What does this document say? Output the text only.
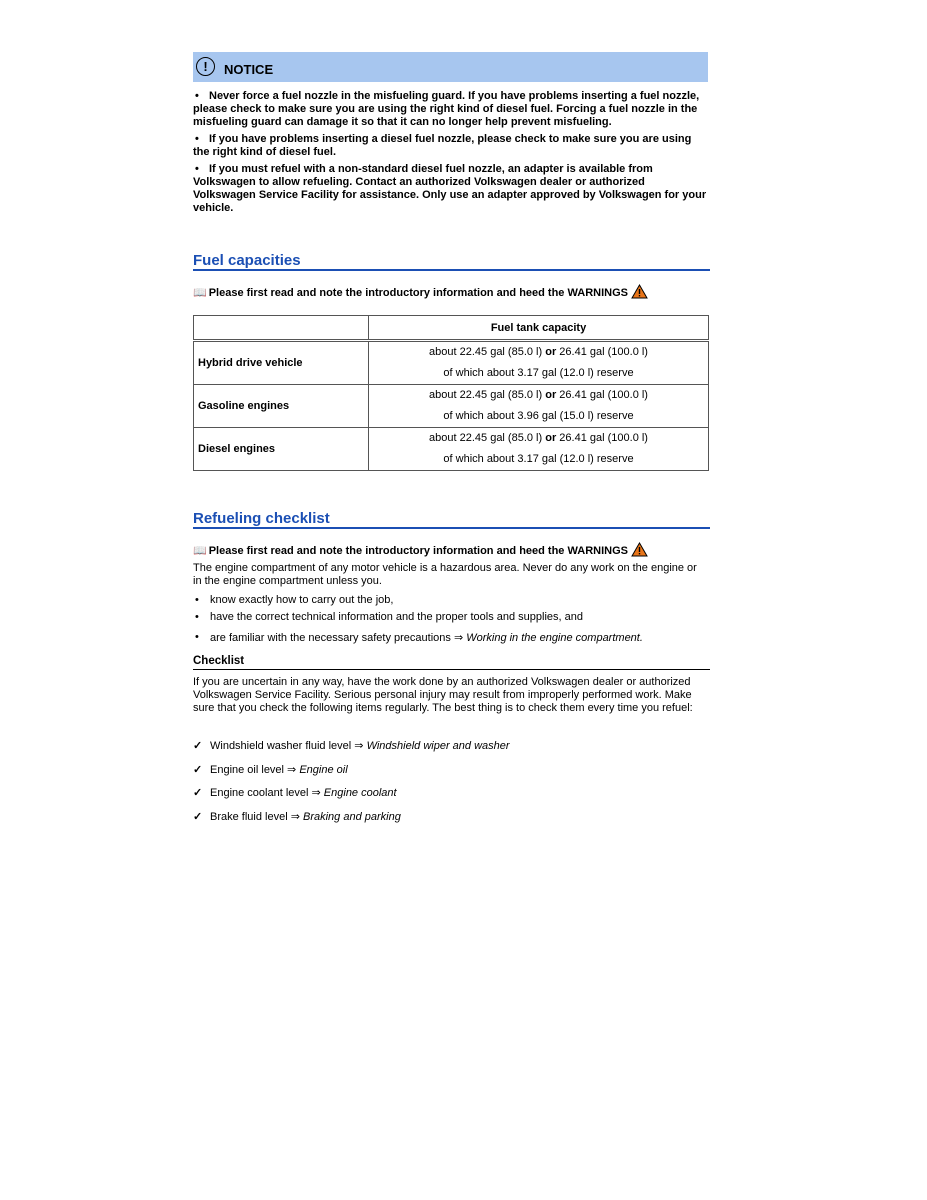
!	NOTICE
• Never force a fuel nozzle in the misfueling guard. If you have problems inserting a fuel nozzle, please check to make sure you are using the right kind of diesel fuel. Forcing a fuel nozzle in the misfueling guard can damage it so that it can no longer help prevent misfueling.
• If you have problems inserting a diesel fuel nozzle, please check to make sure you are using the right kind of diesel fuel.
• If you must refuel with a non-standard diesel fuel nozzle, an adapter is available from Volkswagen to allow refueling. Contact an authorized Volkswagen dealer or authorized Volkswagen Service Facility for assistance. Only use an adapter approved by Volkswagen for your vehicle.
Fuel capacities
📖 Please first read and note the introductory information and heed the WARNINGS
	Fuel tank capacity
Hybrid drive vehicle	about 22.45 gal (85.0 l) or 26.41 gal (100.0 l)
of which about 3.17 gal (12.0 l) reserve

Gasoline engines	about 22.45 gal (85.0 l) or 26.41 gal (100.0 l)
of which about 3.96 gal (15.0 l) reserve

Diesel engines	about 22.45 gal (85.0 l) or 26.41 gal (100.0 l)
of which about 3.17 gal (12.0 l) reserve
Refueling checklist
📖 Please first read and note the introductory information and heed the WARNINGS
The engine compartment of any motor vehicle is a hazardous area. Never do any work on the engine or in the engine compartment unless you.
• know exactly how to carry out the job,
• have the correct technical information and the proper tools and supplies, and
• are familiar with the necessary safety precautions ⇒ Working in the engine compartment.
Checklist
If you are uncertain in any way, have the work done by an authorized Volkswagen dealer or authorized Volkswagen Service Facility. Serious personal injury may result from improperly performed work. Make sure that you check the following items regularly. The best thing is to check them every time you refuel:
✓ Windshield washer fluid level ⇒ Windshield wiper and washer
✓ Engine oil level ⇒ Engine oil
✓ Engine coolant level ⇒ Engine coolant
✓ Brake fluid level ⇒ Braking and parking
